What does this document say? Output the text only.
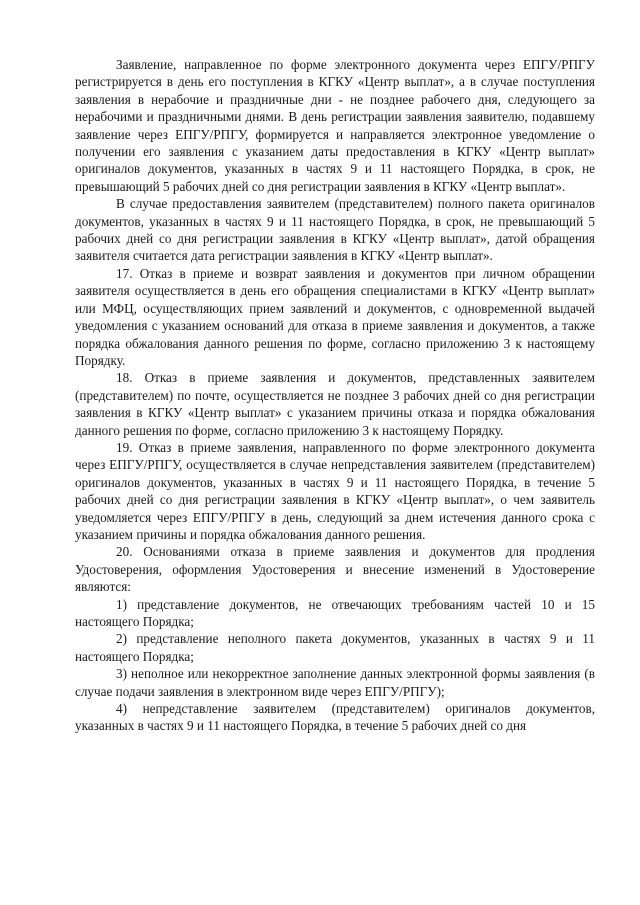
Заявление, направленное по форме электронного документа через ЕПГУ/РПГУ регистрируется в день его поступления в КГКУ «Центр выплат», а в случае поступления заявления в нерабочие и праздничные дни - не позднее рабочего дня, следующего за нерабочими и праздничными днями. В день регистрации заявления заявителю, подавшему заявление через ЕПГУ/РПГУ, формируется и направляется электронное уведомление о получении его заявления с указанием даты предоставления в КГКУ «Центр выплат» оригиналов документов, указанных в частях 9 и 11 настоящего Порядка, в срок, не превышающий 5 рабочих дней со дня регистрации заявления в КГКУ «Центр выплат».

В случае предоставления заявителем (представителем) полного пакета оригиналов документов, указанных в частях 9 и 11 настоящего Порядка, в срок, не превышающий 5 рабочих дней со дня регистрации заявления в КГКУ «Центр выплат», датой обращения заявителя считается дата регистрации заявления в КГКУ «Центр выплат».

17. Отказ в приеме и возврат заявления и документов при личном обращении заявителя осуществляется в день его обращения специалистами в КГКУ «Центр выплат» или МФЦ, осуществляющих прием заявлений и документов, с одновременной выдачей уведомления с указанием оснований для отказа в приеме заявления и документов, а также порядка обжалования данного решения по форме, согласно приложению 3 к настоящему Порядку.

18. Отказ в приеме заявления и документов, представленных заявителем (представителем) по почте, осуществляется не позднее 3 рабочих дней со дня регистрации заявления в КГКУ «Центр выплат» с указанием причины отказа и порядка обжалования данного решения по форме, согласно приложению 3 к настоящему Порядку.

19. Отказ в приеме заявления, направленного по форме электронного документа через ЕПГУ/РПГУ, осуществляется в случае непредставления заявителем (представителем) оригиналов документов, указанных в частях 9 и 11 настоящего Порядка, в течение 5 рабочих дней со дня регистрации заявления в КГКУ «Центр выплат», о чем заявитель уведомляется через ЕПГУ/РПГУ в день, следующий за днем истечения данного срока с указанием причины и порядка обжалования данного решения.

20. Основаниями отказа в приеме заявления и документов для продления Удостоверения, оформления Удостоверения и внесение изменений в Удостоверение являются:

1) представление документов, не отвечающих требованиям частей 10 и 15 настоящего Порядка;

2) представление неполного пакета документов, указанных в частях 9 и 11 настоящего Порядка;

3) неполное или некорректное заполнение данных электронной формы заявления (в случае подачи заявления в электронном виде через ЕПГУ/РПГУ);

4) непредставление заявителем (представителем) оригиналов документов, указанных в частях 9 и 11 настоящего Порядка, в течение 5 рабочих дней со дня
